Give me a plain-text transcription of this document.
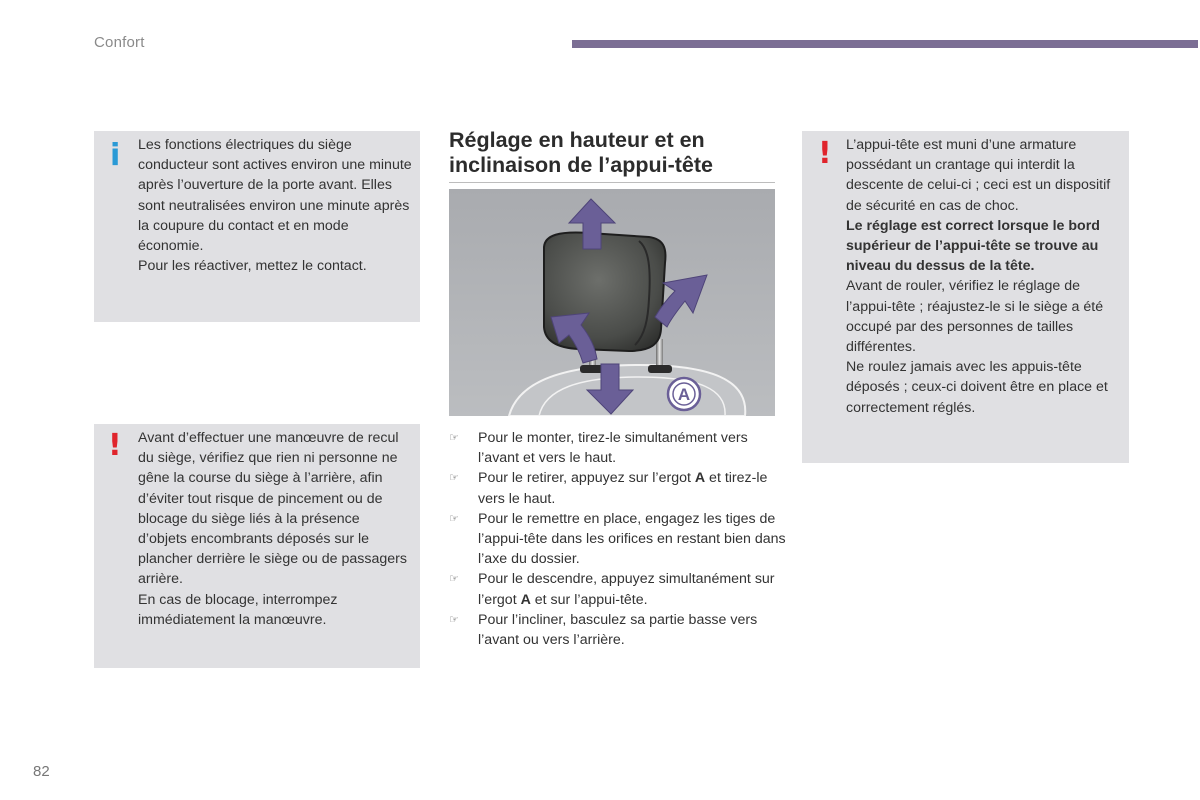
Confort
i Les fonctions électriques du siège conducteur sont actives environ une minute après l’ouverture de la porte avant. Elles sont neutralisées environ une minute après la coupure du contact et en mode économie.

Pour les réactiver, mettez le contact.

! Avant d’effectuer une manœuvre de recul du siège, vérifiez que rien ni personne ne gêne la course du siège à l’arrière, afin d’éviter tout risque de pincement ou de blocage du siège liés à la présence d’objets encombrants déposés sur le plancher derrière le siège ou de passagers arrière.

En cas de blocage, interrompez immédiatement la manœuvre.

Réglage en hauteur et en inclinaison de l’appui-tête
A
☞ Pour le monter, tirez-le simultanément vers l’avant et vers le haut.
☞ Pour le retirer, appuyez sur l’ergot A et tirez-le vers le haut.
☞ Pour le remettre en place, engagez les tiges de l’appui-tête dans les orifices en restant bien dans l’axe du dossier.
☞ Pour le descendre, appuyez simultanément sur l’ergot A et sur l’appui-tête.
☞ Pour l’incliner, basculez sa partie basse vers l’avant ou vers l’arrière.
! L’appui-tête est muni d’une armature possédant un crantage qui interdit la descente de celui-ci ; ceci est un dispositif de sécurité en cas de choc.

Le réglage est correct lorsque le bord supérieur de l’appui-tête se trouve au niveau du dessus de la tête.

Avant de rouler, vérifiez le réglage de l’appui-tête ; réajustez-le si le siège a été occupé par des personnes de tailles différentes.

Ne roulez jamais avec les appuis-tête déposés ; ceux-ci doivent être en place et correctement réglés.

82
